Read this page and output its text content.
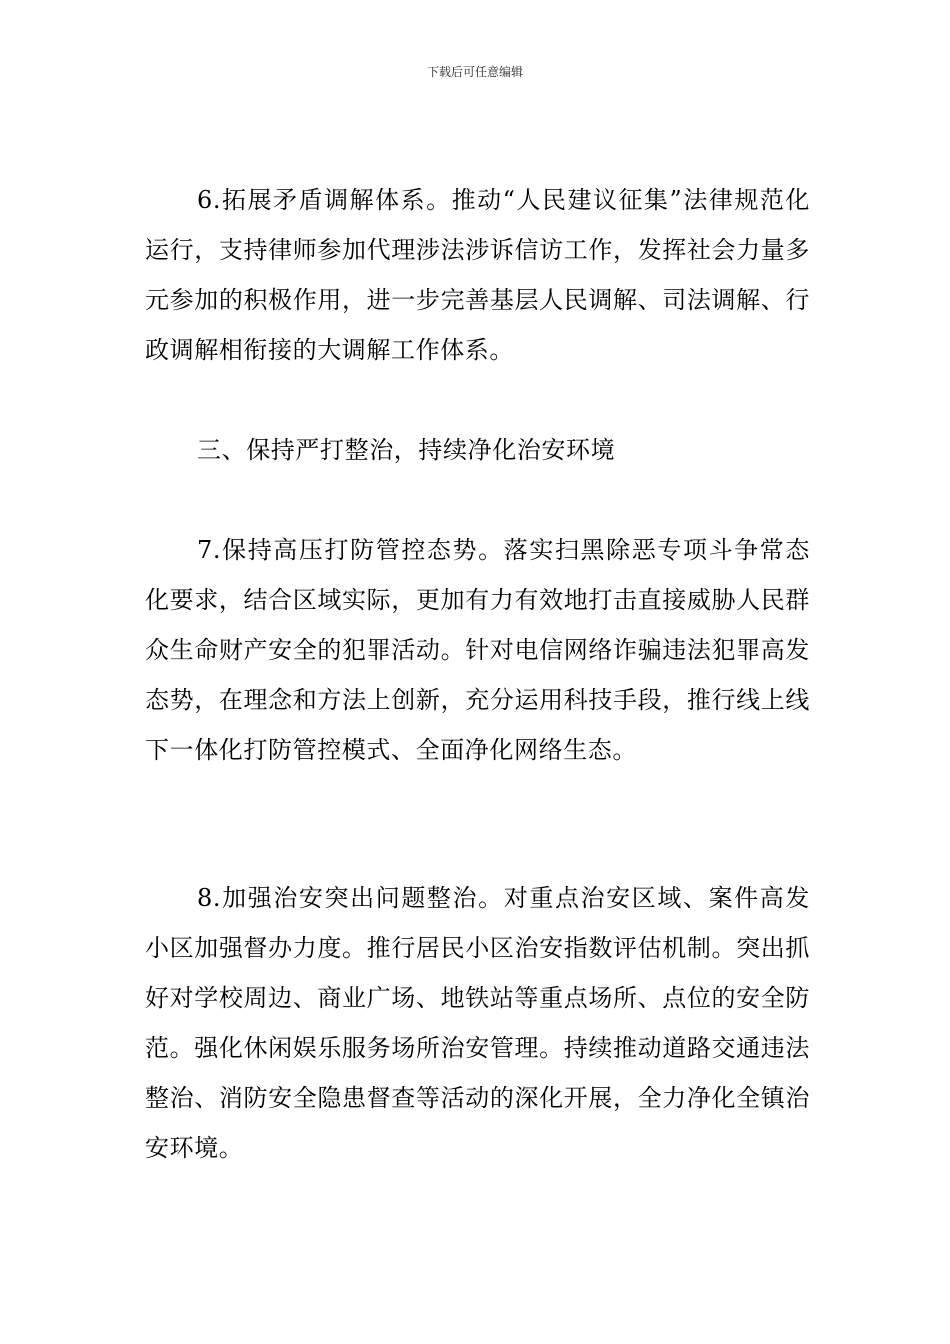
下载后可任意编辑

6.拓展矛盾调解体系。推动“人民建议征集”法律规范化运行，支持律师参加代理涉法涉诉信访工作，发挥社会力量多元参加的积极作用，进一步完善基层人民调解、司法调解、行政调解相衔接的大调解工作体系。

三、保持严打整治，持续净化治安环境

7.保持高压打防管控态势。落实扫黑除恶专项斗争常态化要求，结合区域实际，更加有力有效地打击直接威胁人民群众生命财产安全的犯罪活动。针对电信网络诈骗违法犯罪高发态势，在理念和方法上创新，充分运用科技手段，推行线上线下一体化打防管控模式、全面净化网络生态。

8.加强治安突出问题整治。对重点治安区域、案件高发小区加强督办力度。推行居民小区治安指数评估机制。突出抓好对学校周边、商业广场、地铁站等重点场所、点位的安全防范。强化休闲娱乐服务场所治安管理。持续推动道路交通违法整治、消防安全隐患督查等活动的深化开展，全力净化全镇治安环境。
